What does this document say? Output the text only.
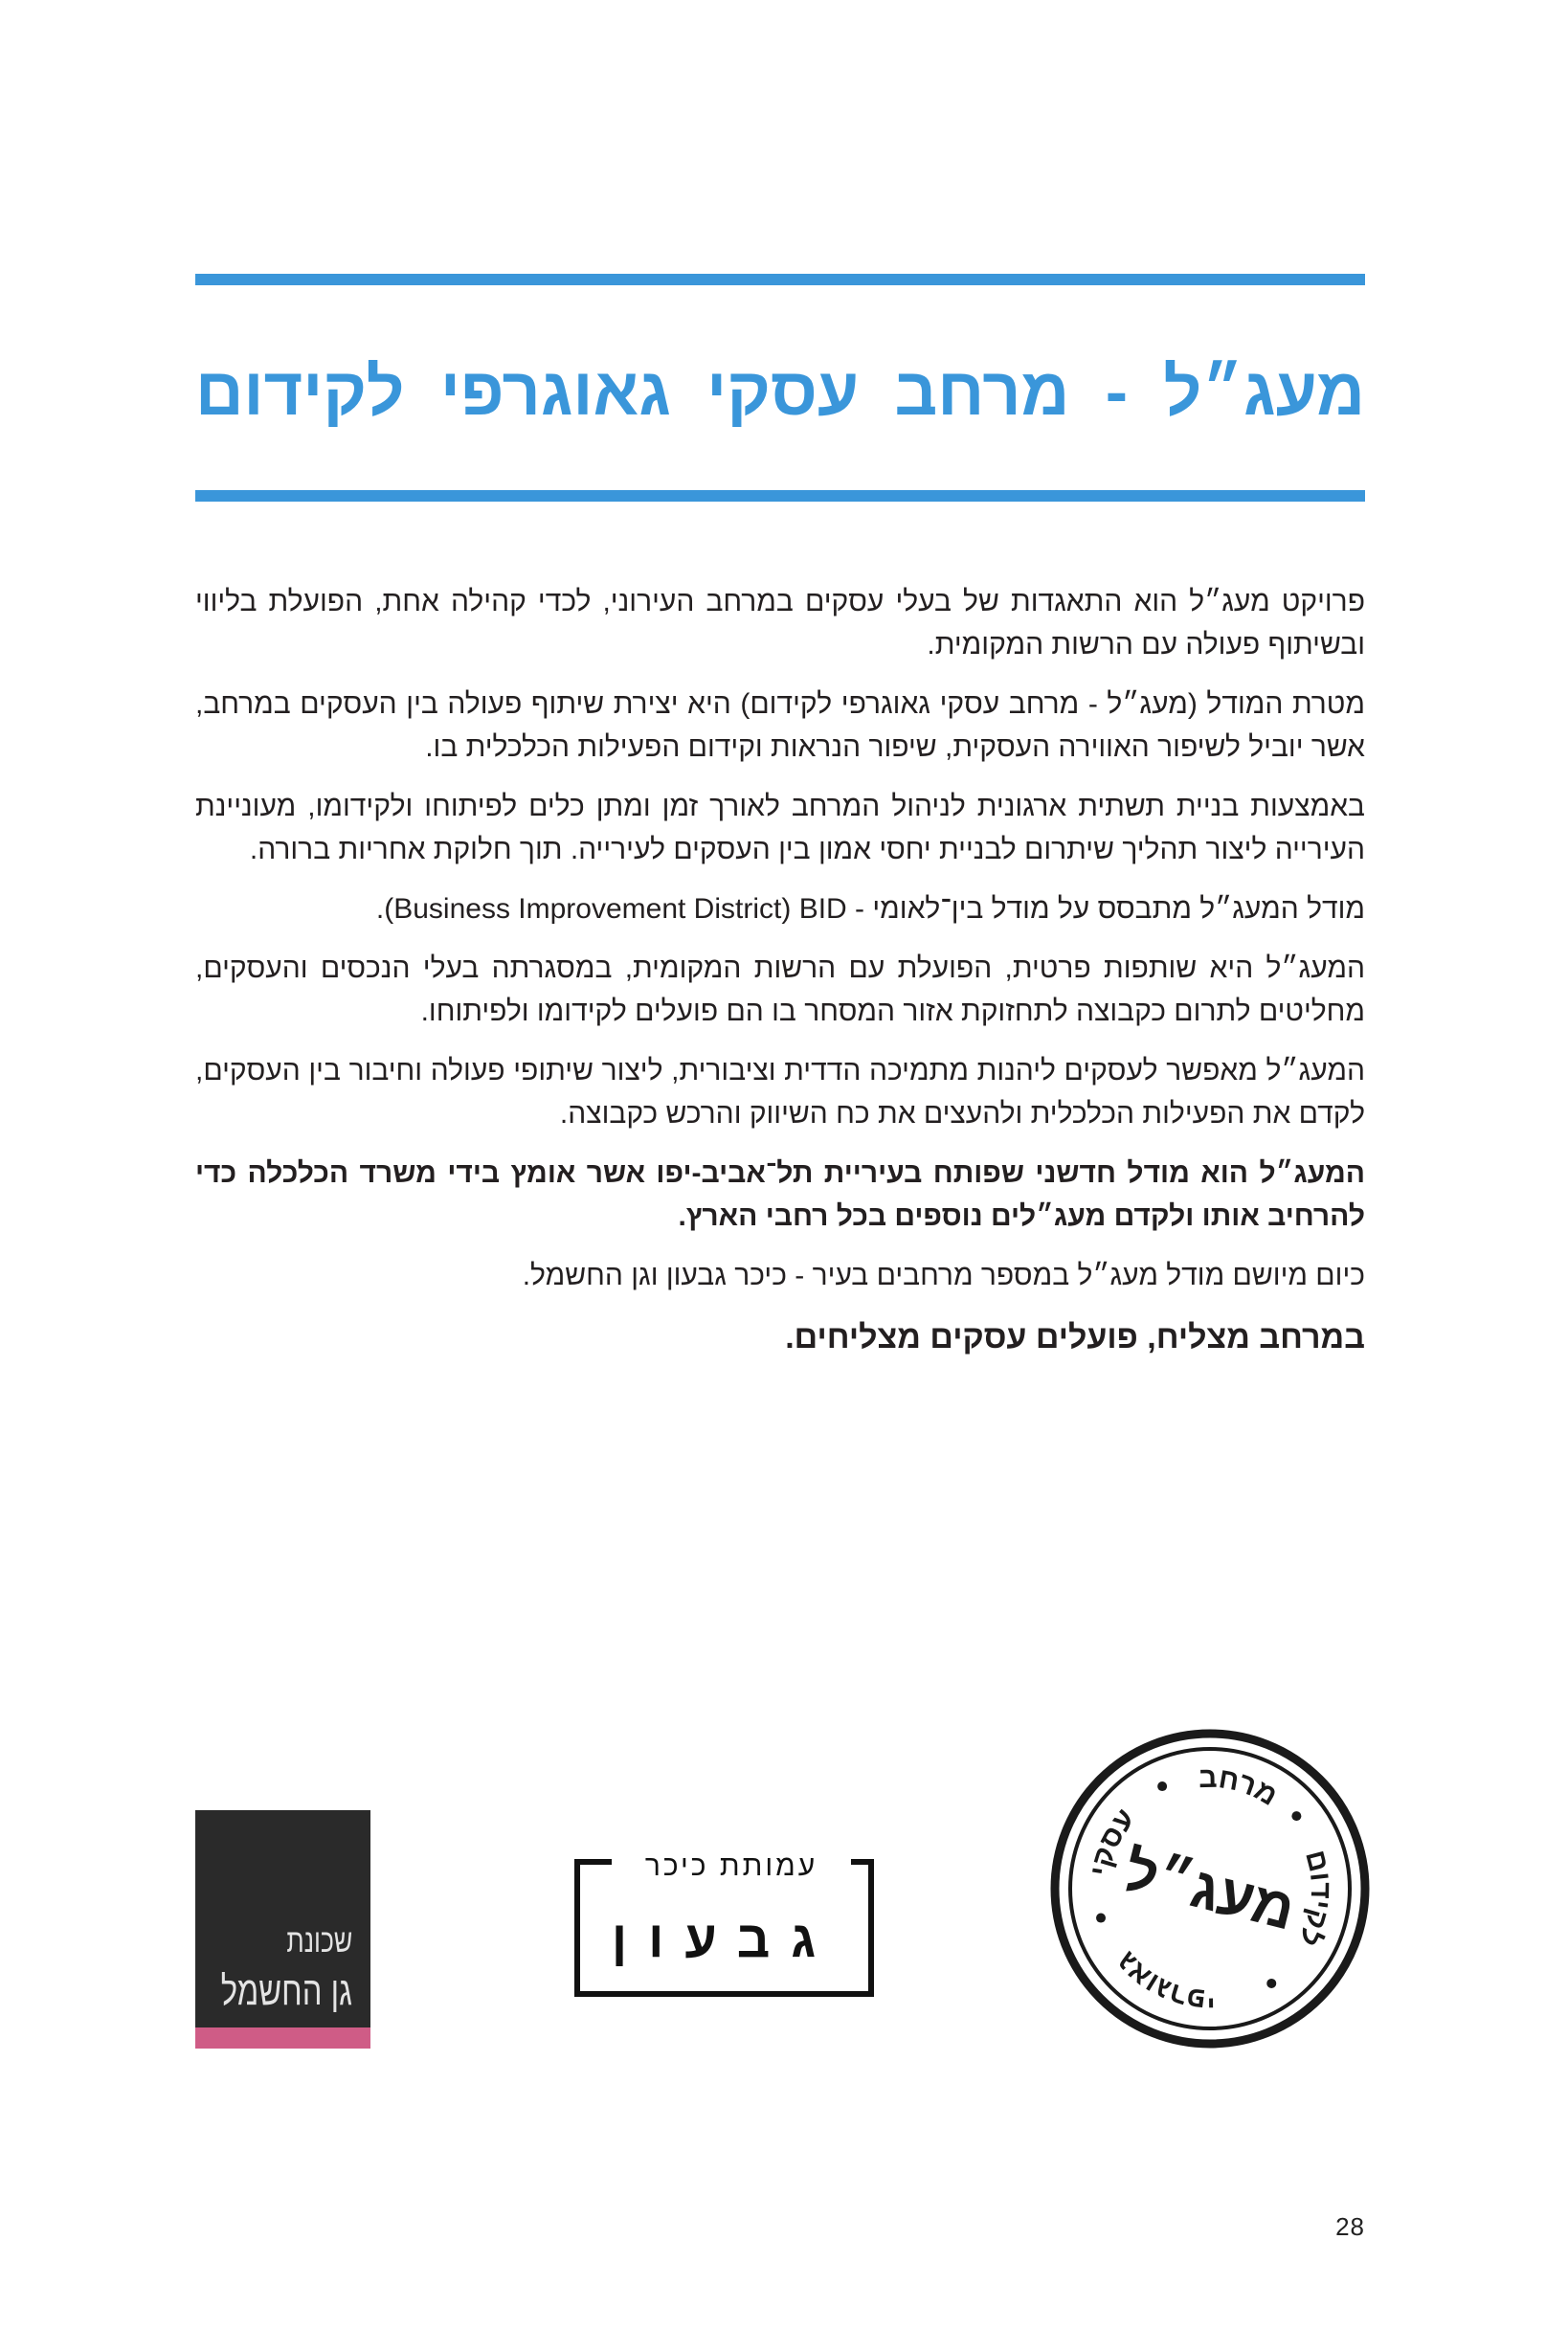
מעג״ל - מרחב עסקי גאוגרפי לקידום

פרויקט מעג״ל הוא התאגדות של בעלי עסקים במרחב העירוני, לכדי קהילה אחת, הפועלת בליווי ובשיתוף פעולה עם הרשות המקומית.

מטרת המודל (מעג״ל - מרחב עסקי גאוגרפי לקידום) היא יצירת שיתוף פעולה בין העסקים במרחב, אשר יוביל לשיפור האווירה העסקית, שיפור הנראות וקידום הפעילות הכלכלית בו.

באמצעות בניית תשתית ארגונית לניהול המרחב לאורך זמן ומתן כלים לפיתוחו ולקידומו, מעוניינת העירייה ליצור תהליך שיתרום לבניית יחסי אמון בין העסקים לעירייה. תוך חלוקת אחריות ברורה.

מודל המעג״ל מתבסס על מודל בין־לאומי - BID (Business Improvement District).

המעג״ל היא שותפות פרטית, הפועלת עם הרשות המקומית, במסגרתה בעלי הנכסים והעסקים, מחליטים לתרום כקבוצה לתחזוקת אזור המסחר בו הם פועלים לקידומו ולפיתוחו.

המעג״ל מאפשר לעסקים ליהנות מתמיכה הדדית וציבורית, ליצור שיתופי פעולה וחיבור בין העסקים, לקדם את הפעילות הכלכלית ולהעצים את כח השיווק והרכש כקבוצה.

המעג״ל הוא מודל חדשני שפותח בעיריית תל־אביב-יפו אשר אומץ בידי משרד הכלכלה כדי להרחיב אותו ולקדם מעג״לים נוספים בכל רחבי הארץ.

כיום מיושם מודל מעג״ל במספר מרחבים בעיר - כיכר גבעון וגן החשמל.

במרחב מצליח, פועלים עסקים מצליחים.

שכונת
גן החשמל
עמותת כיכר
גבעון
מרחב
עסקי
גאוגרפי
לקידום
מעג״ל
28
